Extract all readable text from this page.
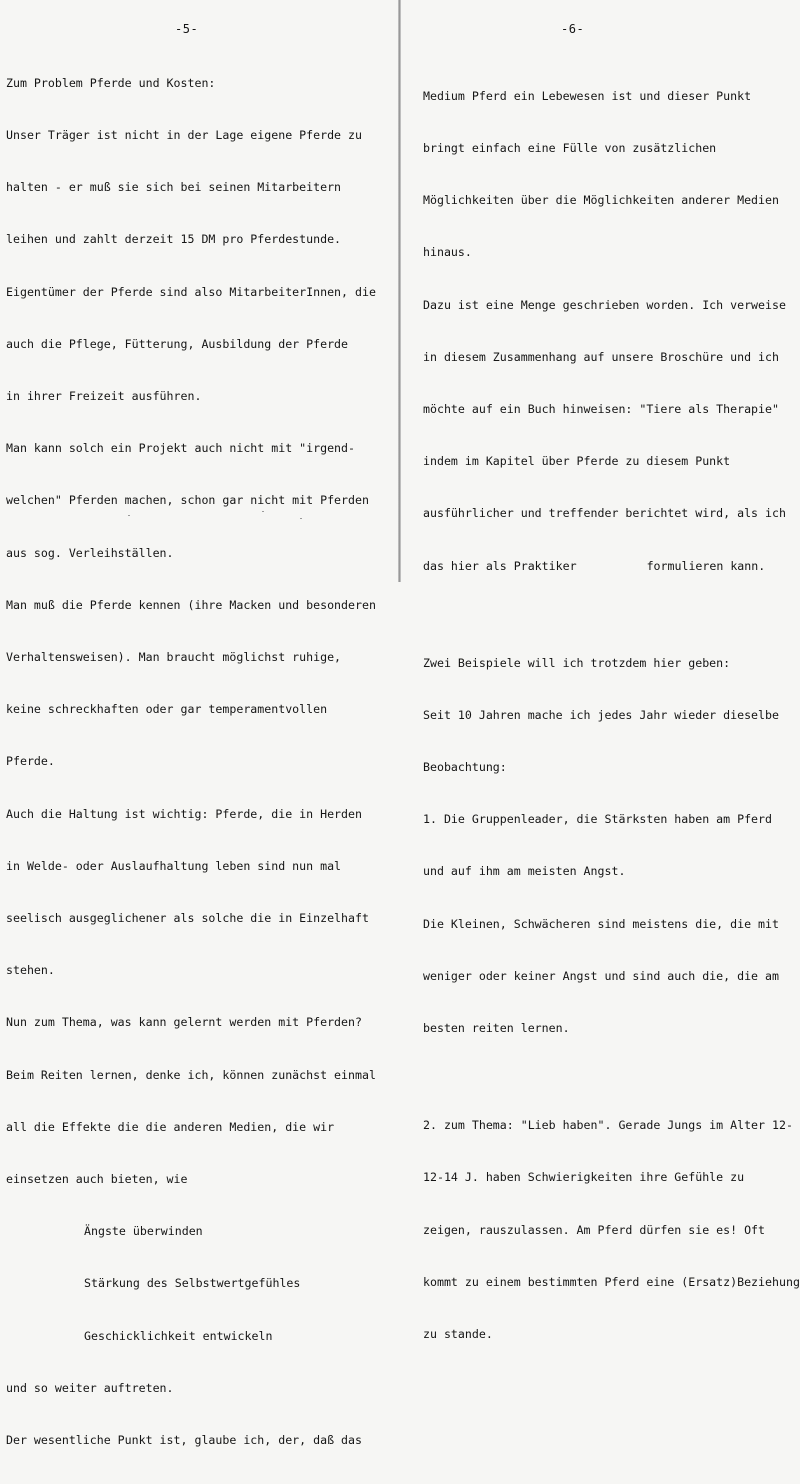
-5-

Zum Problem Pferde und Kosten:

Unser Träger ist nicht in der Lage eigene Pferde zu

halten - er muß sie sich bei seinen Mitarbeitern

leihen und zahlt derzeit 15 DM pro Pferdestunde.

Eigentümer der Pferde sind also MitarbeiterInnen, die

auch die Pflege, Fütterung, Ausbildung der Pferde

in ihrer Freizeit ausführen.

Man kann solch ein Projekt auch nicht mit "irgend-

welchen" Pferden machen, schon gar nicht mit Pferden

aus sog. Verleihställen.

Man muß die Pferde kennen (ihre Macken und besonderen

Verhaltensweisen). Man braucht möglichst ruhige,

keine schreckhaften oder gar temperamentvollen

Pferde.

Auch die Haltung ist wichtig: Pferde, die in Herden

in Welde- oder Auslaufhaltung leben sind nun mal

seelisch ausgeglichener als solche die in Einzelhaft

stehen.

Nun zum Thema, was kann gelernt werden mit Pferden?

Beim Reiten lernen, denke ich, können zunächst einmal

all die Effekte die die anderen Medien, die wir

einsetzen auch bieten, wie

Ängste überwinden

Stärkung des Selbstwertgefühles

Geschicklichkeit entwickeln

und so weiter auftreten.

Der wesentliche Punkt ist, glaube ich, der, daß das

-6-

Medium Pferd ein Lebewesen ist und dieser Punkt

bringt einfach eine Fülle von zusätzlichen

Möglichkeiten über die Möglichkeiten anderer Medien

hinaus.

Dazu ist eine Menge geschrieben worden. Ich verweise

in diesem Zusammenhang auf unsere Broschüre und ich

möchte auf ein Buch hinweisen: "Tiere als Therapie"

indem im Kapitel über Pferde zu diesem Punkt

ausführlicher und treffender berichtet wird, als ich

das hier als Praktiker	formulieren kann.

Zwei Beispiele will ich trotzdem hier geben:

Seit 10 Jahren mache ich jedes Jahr wieder dieselbe

Beobachtung:

1. Die Gruppenleader, die Stärksten haben am Pferd

und auf ihm am meisten Angst.

Die Kleinen, Schwächeren sind meistens die, die mit

weniger oder keiner Angst und sind auch die, die am

besten reiten lernen.

2. zum Thema: "Lieb haben". Gerade Jungs im Alter 12-

12-14 J. haben Schwierigkeiten ihre Gefühle zu

zeigen, rauszulassen. Am Pferd dürfen sie es! Oft

kommt zu einem bestimmten Pferd eine (Ersatz)Beziehung

zu stande.
